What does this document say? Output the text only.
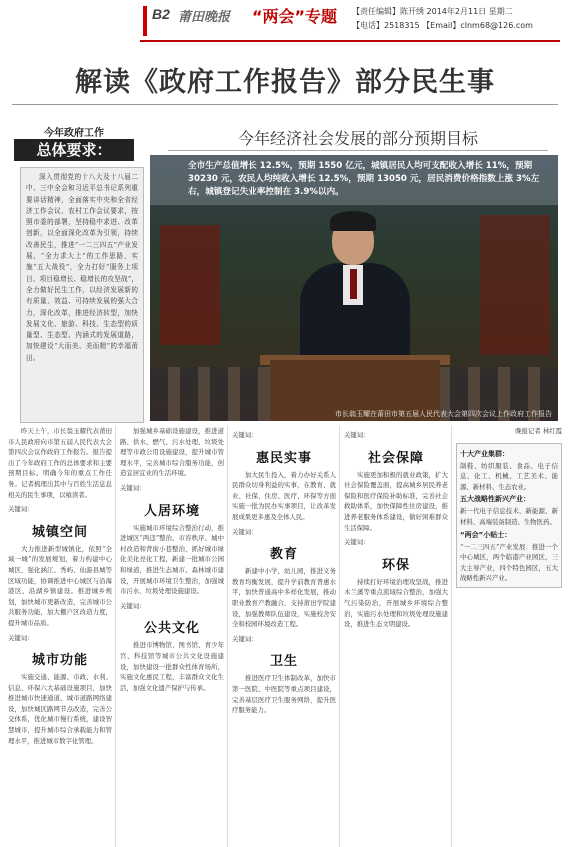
B2 莆田晚报 “两会”专题 【责任编辑】陈开绣 2014年2月11日 星期二
【电话】2518315 【Email】clnm68@126.com
解读《政府工作报告》部分民生事
今年政府工作
总体要求：
深入贯彻党的十八大及十八届二中、三中全会和习近平总书记系列重要讲话精神，全面落实中央和全省经济工作会议、农村工作会议要求，按照市委的部署，坚持稳中求进、改革创新，以全面深化改革为引领，持续改善民生，推进“一二三四五”产业发展，“全力求大上”的工作思路，实施“五大战役”，全力打好“服务上项目、项目稳增长、稳增长的攻坚战”，全力做好民生工作，以经济发展新的有质量、效益、可持续发展的强大合力，深化改革，推进经济转型，加快发展文化、旅游、科技、生态型的质量型、生态型、内涵式的发展道路，加快建设“大而美、美而精”的幸福莆田。
今年经济社会发展的部分预期目标
市长翁玉耀在莆田市第五届人民代表大会第四次会议上作政府工作报告
全市生产总值增长 12.5%，预期 1550 亿元，城镇居民人均可支配收入增长 11%，预期 30230 元，农民人均纯收入增长 12.5%，预期 13050 元，居民消费价格指数上涨 3%左右，城镇登记失业率控制在 3.9%以内。

昨天上午，市长翁玉耀代表莆田市人民政府向市第五届人民代表大会第四次会议作政府工作报告。报告提出了今年政府工作的总体要求和主要预期目标。明确今年的重点工作任务。记者梳理出其中与百姓生活息息相关的民生事项，以飨读者。

关键词：
城镇空间

大力推进新型城镇化，依照“全域一城”的发展规划，着力构建中心城区，强化涵江、秀屿、仙游县城等区域功能，协调推进中心城区与沿海港区、沿湖乡镇建设。推进城乡规划，加快城市更新改造，完善城市公共服务功能，加大棚户区改造力度，提升城市品质。

关键词：
城市功能

实施交通、能源、市政、水利、信息、环保六大基础设施项目，加快推进城市快速通道、城市道路网络建设，加快城区路网节点改造，完善公交体系，优化城市慢行系统，建设智慧城市，提升城市综合承载能力和管理水平，推进城市数字化管理。

加强城乡基础设施建设，推进道路、供水、燃气、污水处理、垃圾处理等市政公用设施建设，提升城市管理水平，完善城市综合服务功能，创造宜居宜业的生活环境。

关键词：
人居环境

实施城市环境综合整治行动，推进城区“两违”整治、市容秩序、城中村改造和背街小巷整治，抓好城市绿化美化亮化工程，新建一批城市公园和绿道，推进生态城市、森林城市建设，开展城市环境卫生整治，加强城市污水、垃圾处理设施建设。

关键词：
公共文化

推进市博物馆、图书馆、青少年宫、科技馆等城市公共文化设施建设，加快建设一批群众性体育场所，实施文化惠民工程，丰富群众文化生活，加强文化遗产保护与传承。

关键词：
惠民实事

加大民生投入，着力办好关系人民群众切身利益的实事，在教育、就业、社保、住房、医疗、环保等方面实施一批为民办实事项目，让改革发展成果更多惠及全体人民。

关键词：
教育

新建中小学、幼儿园，推进义务教育均衡发展，提升学前教育普惠水平，加快普通高中多样化发展，推动职业教育产教融合，支持莆田学院建设，加强教师队伍建设，实施校舍安全和校园环境改造工程。

关键词：
卫生

推进医疗卫生体制改革，加快市第一医院、中医院等重点项目建设，完善基层医疗卫生服务网络，提升医疗服务能力。

关键词：
社会保障

实施更加积极的就业政策，扩大社会保险覆盖面，提高城乡居民养老保险和医疗保险补助标准，完善社会救助体系，加快保障性住房建设，推进养老服务体系建设，做好困难群众生活保障。

关键词：
环保

持续打好环境治理攻坚战，推进木兰溪等重点流域综合整治，加强大气污染防治，开展城乡环境综合整治，实施污水处理和垃圾处理设施建设，推进生态文明建设。

晚报记者 林红霞

十大产业集群：

制鞋、纺织服装、食品、电子信息、化工、机械、工艺美术、能源、新材料、生态农业。

五大战略性新兴产业：

新一代电子信息技术、新能源、新材料、高端装备制造、生物医药。

“两会”小贴士：

“一二三四五”产业发展：推进一个中心城区，两个临港产业园区，三大主导产业，四个特色园区，五大战略性新兴产业。
